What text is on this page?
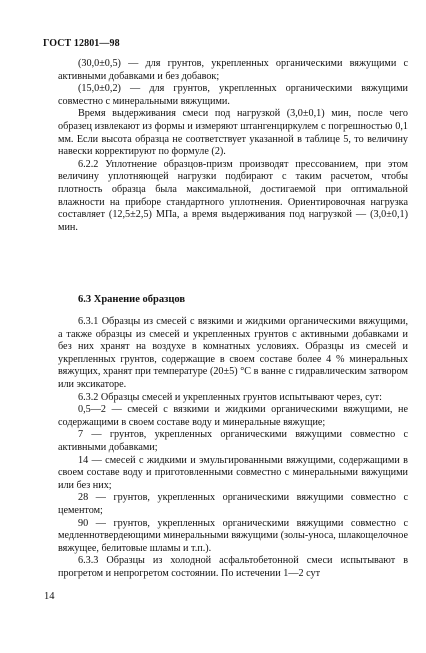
ГОСТ 12801—98

(30,0±0,5) — для грунтов, укрепленных органическими вяжущими с активными добавками и без добавок;

(15,0±0,2) — для грунтов, укрепленных органическими вяжущими совместно с минеральными вяжущими.

Время выдерживания смеси под нагрузкой (3,0±0,1) мин, после чего образец извлекают из формы и измеряют штангенциркулем с погрешностью 0,1 мм. Если высота образца не соответствует указанной в таблице 5, то величину навески корректируют по формуле (2).

6.2.2 Уплотнение образцов-призм производят прессованием, при этом величину уплотняющей нагрузки подбирают с таким расчетом, чтобы плотность образца была максимальной, достигаемой при оптимальной влажности на приборе стандартного уплотнения. Ориентировочная нагрузка составляет (12,5±2,5) МПа, а время выдерживания под нагрузкой — (3,0±0,1) мин.

6.3 Хранение образцов

6.3.1 Образцы из смесей с вязкими и жидкими органическими вяжущими, а также образцы из смесей и укрепленных грунтов с активными добавками и без них хранят на воздухе в комнатных условиях. Образцы из смесей и укрепленных грунтов, содержащие в своем составе более 4 % минеральных вяжущих, хранят при температуре (20±5) °С в ванне с гидравлическим затвором или эксикаторе.

6.3.2 Образцы смесей и укрепленных грунтов испытывают через, сут:

0,5—2 — смесей с вязкими и жидкими органическими вяжущими, не содержащими в своем составе воду и минеральные вяжущие;

7 — грунтов, укрепленных органическими вяжущими совместно с активными добавками;

14 — смесей с жидкими и эмульгированными вяжущими, содержащими в своем составе воду и приготовленными совместно с минеральными вяжущими или без них;

28 — грунтов, укрепленных органическими вяжущими совместно с цементом;

90 — грунтов, укрепленных органическими вяжущими совместно с медленнотвердеющими минеральными вяжущими (золы-уноса, шлакощелочное вяжущее, белитовые шламы и т.п.).

6.3.3 Образцы из холодной асфальтобетонной смеси испытывают в прогретом и непрогретом состоянии. По истечении 1—2 сут

14
